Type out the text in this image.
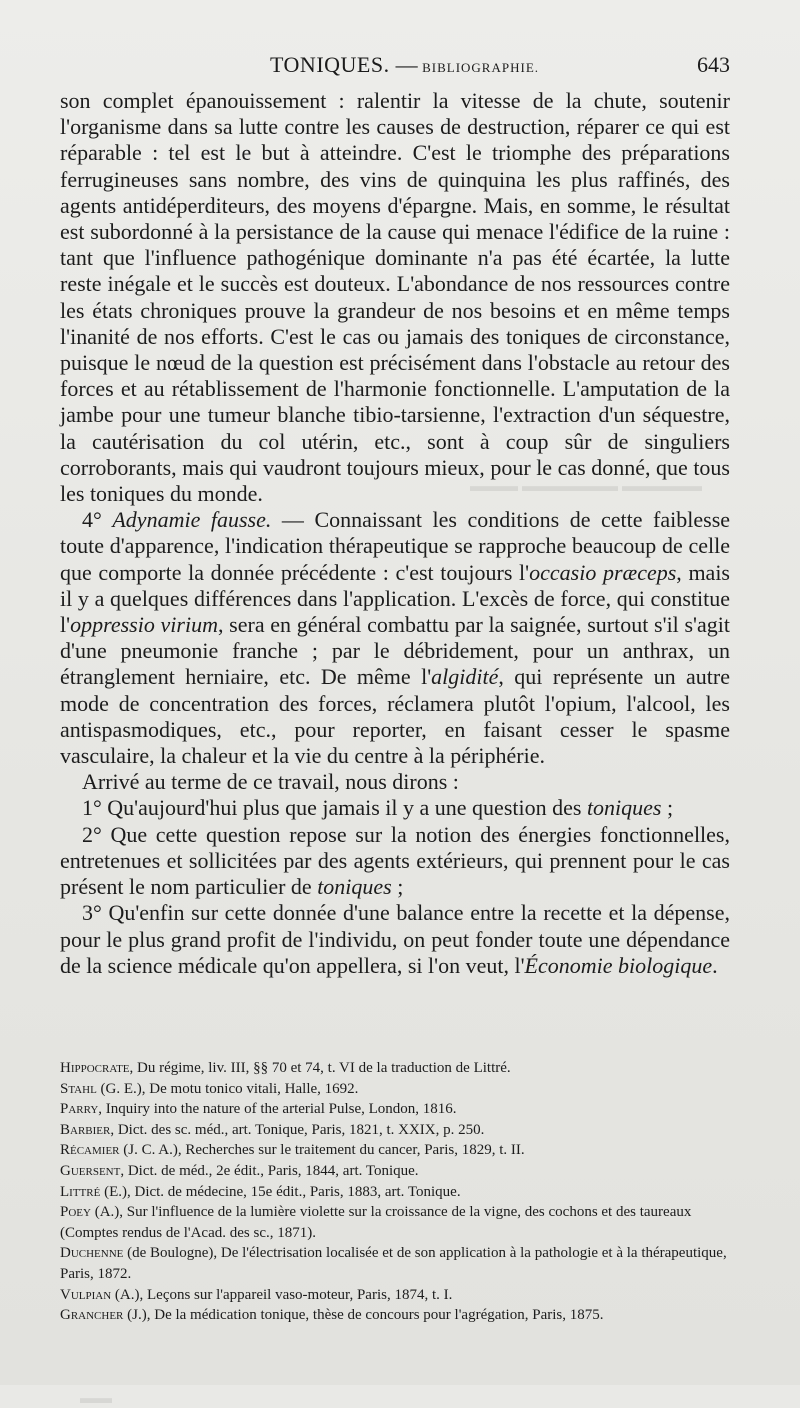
▬▬▬ ▬▬▬▬▬▬ ▬▬▬▬▬
▬▬
TONIQUES. — BIBLIOGRAPHIE.	643

son complet épanouissement : ralentir la vitesse de la chute, soutenir l'organisme dans sa lutte contre les causes de destruction, réparer ce qui est réparable : tel est le but à atteindre. C'est le triomphe des préparations ferrugineuses sans nombre, des vins de quinquina les plus raffinés, des agents antidéperditeurs, des moyens d'épargne. Mais, en somme, le résultat est subordonné à la persistance de la cause qui menace l'édifice de la ruine : tant que l'influence pathogénique dominante n'a pas été écartée, la lutte reste inégale et le succès est douteux. L'abondance de nos ressources contre les états chroniques prouve la grandeur de nos besoins et en même temps l'inanité de nos efforts. C'est le cas ou jamais des toniques de circonstance, puisque le nœud de la question est précisément dans l'obstacle au retour des forces et au rétablissement de l'harmonie fonctionnelle. L'amputation de la jambe pour une tumeur blanche tibio-tarsienne, l'extraction d'un séquestre, la cautérisation du col utérin, etc., sont à coup sûr de singuliers corroborants, mais qui vaudront toujours mieux, pour le cas donné, que tous les toniques du monde.

4° Adynamie fausse. — Connaissant les conditions de cette faiblesse toute d'apparence, l'indication thérapeutique se rapproche beaucoup de celle que comporte la donnée précédente : c'est toujours l'occasio præceps, mais il y a quelques différences dans l'application. L'excès de force, qui constitue l'oppressio virium, sera en général combattu par la saignée, surtout s'il s'agit d'une pneumonie franche ; par le débridement, pour un anthrax, un étranglement herniaire, etc. De même l'algidité, qui représente un autre mode de concentration des forces, réclamera plutôt l'opium, l'alcool, les antispasmodiques, etc., pour reporter, en faisant cesser le spasme vasculaire, la chaleur et la vie du centre à la périphérie.

Arrivé au terme de ce travail, nous dirons :

1° Qu'aujourd'hui plus que jamais il y a une question des toniques ;

2° Que cette question repose sur la notion des énergies fonctionnelles, entretenues et sollicitées par des agents extérieurs, qui prennent pour le cas présent le nom particulier de toniques ;

3° Qu'enfin sur cette donnée d'une balance entre la recette et la dépense, pour le plus grand profit de l'individu, on peut fonder toute une dépendance de la science médicale qu'on appellera, si l'on veut, l'Économie biologique.

Hippocrate, Du régime, liv. III, §§ 70 et 74, t. VI de la traduction de Littré.

Stahl (G. E.), De motu tonico vitali, Halle, 1692.

Parry, Inquiry into the nature of the arterial Pulse, London, 1816.

Barbier, Dict. des sc. méd., art. Tonique, Paris, 1821, t. XXIX, p. 250.

Récamier (J. C. A.), Recherches sur le traitement du cancer, Paris, 1829, t. II.

Guersent, Dict. de méd., 2e édit., Paris, 1844, art. Tonique.

Littré (E.), Dict. de médecine, 15e édit., Paris, 1883, art. Tonique.

Poey (A.), Sur l'influence de la lumière violette sur la croissance de la vigne, des cochons et des taureaux (Comptes rendus de l'Acad. des sc., 1871).

Duchenne (de Boulogne), De l'électrisation localisée et de son application à la pathologie et à la thérapeutique, Paris, 1872.

Vulpian (A.), Leçons sur l'appareil vaso-moteur, Paris, 1874, t. I.

Grancher (J.), De la médication tonique, thèse de concours pour l'agrégation, Paris, 1875.
